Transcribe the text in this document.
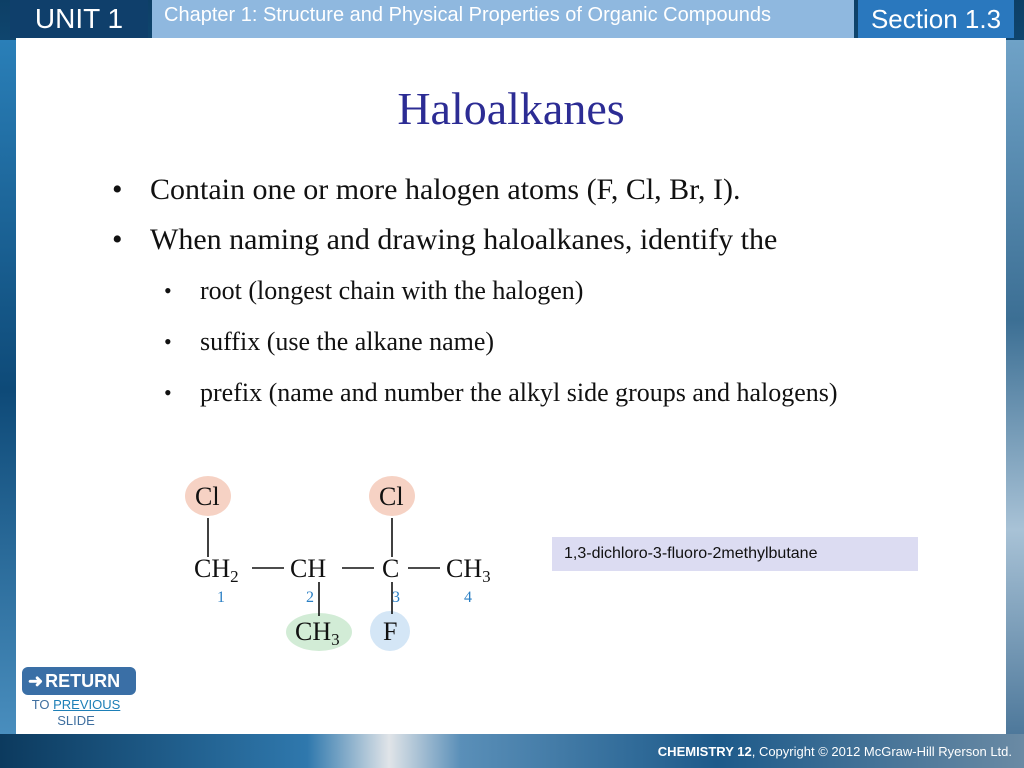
UNIT 1	Chapter 1: Structure and Physical Properties of Organic Compounds	Section 1.3
Haloalkanes
• Contain one or more halogen atoms (F, Cl, Br, I).
• When naming and drawing haloalkanes, identify the
• root (longest chain with the halogen)
• suffix (use the alkane name)
• prefix (name and number the alkyl side groups and halogens)
Cl	Cl
CH2 CH C CH3
1	2	3	4
CH3 F
1,3-dichloro-3-fluoro-2methylbutane
➜ RETURN
TO PREVIOUS
SLIDE
CHEMISTRY 12, Copyright © 2012 McGraw-Hill Ryerson Ltd.
